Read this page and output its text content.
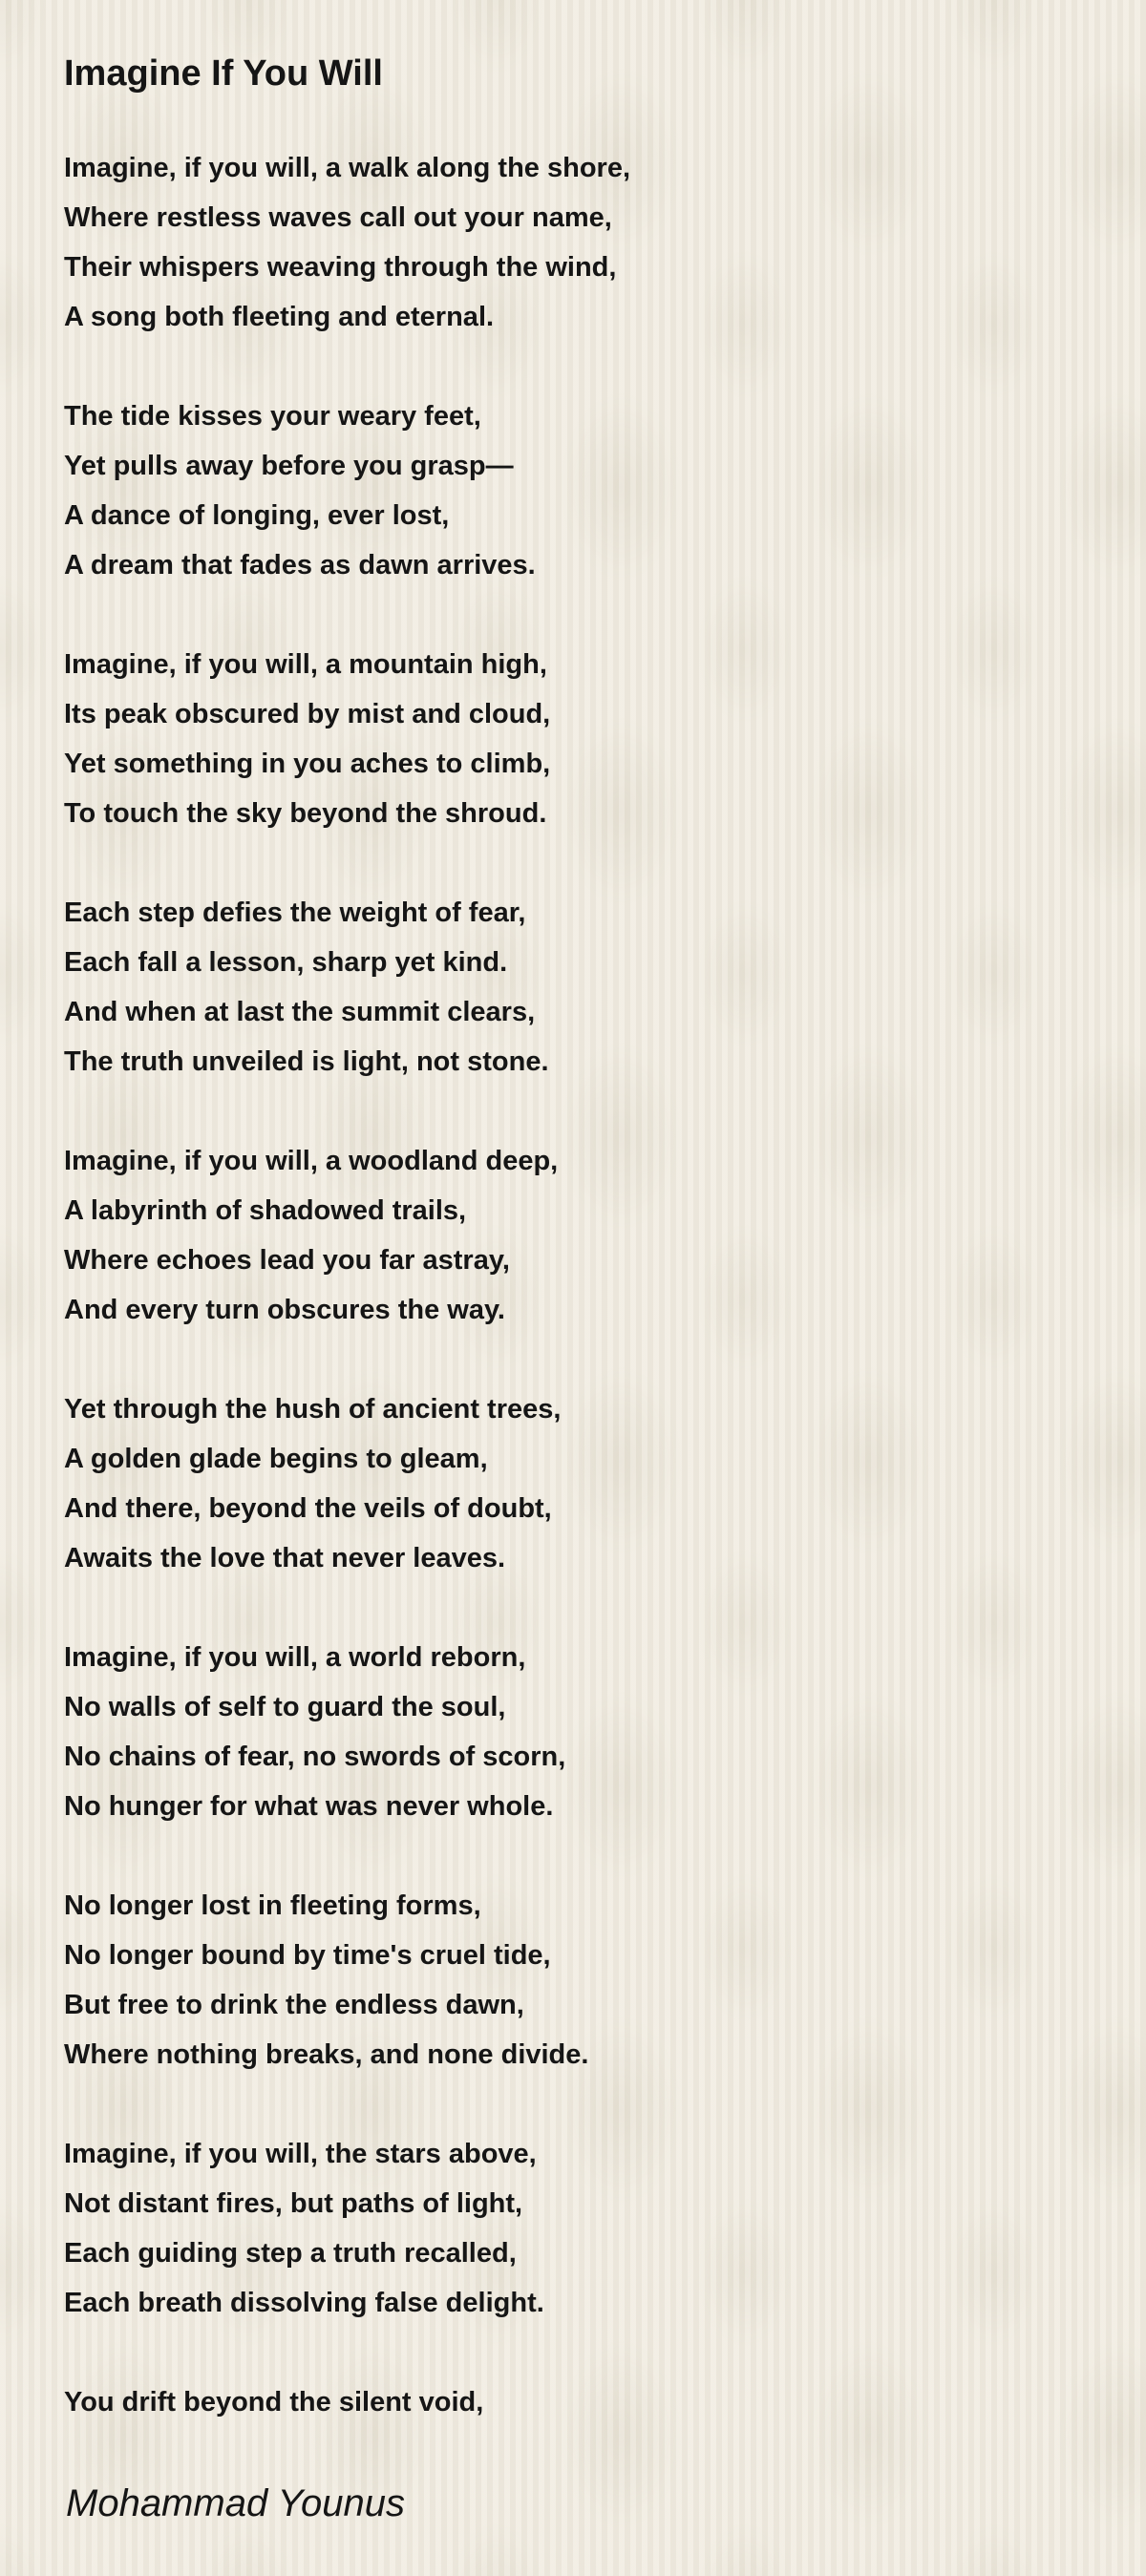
Imagine If You Will
Imagine, if you will, a walk along the shore,
Where restless waves call out your name,
Their whispers weaving through the wind,
A song both fleeting and eternal.
The tide kisses your weary feet,
Yet pulls away before you grasp—
A dance of longing, ever lost,
A dream that fades as dawn arrives.
Imagine, if you will, a mountain high,
Its peak obscured by mist and cloud,
Yet something in you aches to climb,
To touch the sky beyond the shroud.
Each step defies the weight of fear,
Each fall a lesson, sharp yet kind.
And when at last the summit clears,
The truth unveiled is light, not stone.
Imagine, if you will, a woodland deep,
A labyrinth of shadowed trails,
Where echoes lead you far astray,
And every turn obscures the way.
Yet through the hush of ancient trees,
A golden glade begins to gleam,
And there, beyond the veils of doubt,
Awaits the love that never leaves.
Imagine, if you will, a world reborn,
No walls of self to guard the soul,
No chains of fear, no swords of scorn,
No hunger for what was never whole.
No longer lost in fleeting forms,
No longer bound by time's cruel tide,
But free to drink the endless dawn,
Where nothing breaks, and none divide.
Imagine, if you will, the stars above,
Not distant fires, but paths of light,
Each guiding step a truth recalled,
Each breath dissolving false delight.
You drift beyond the silent void,

Mohammad Younus
